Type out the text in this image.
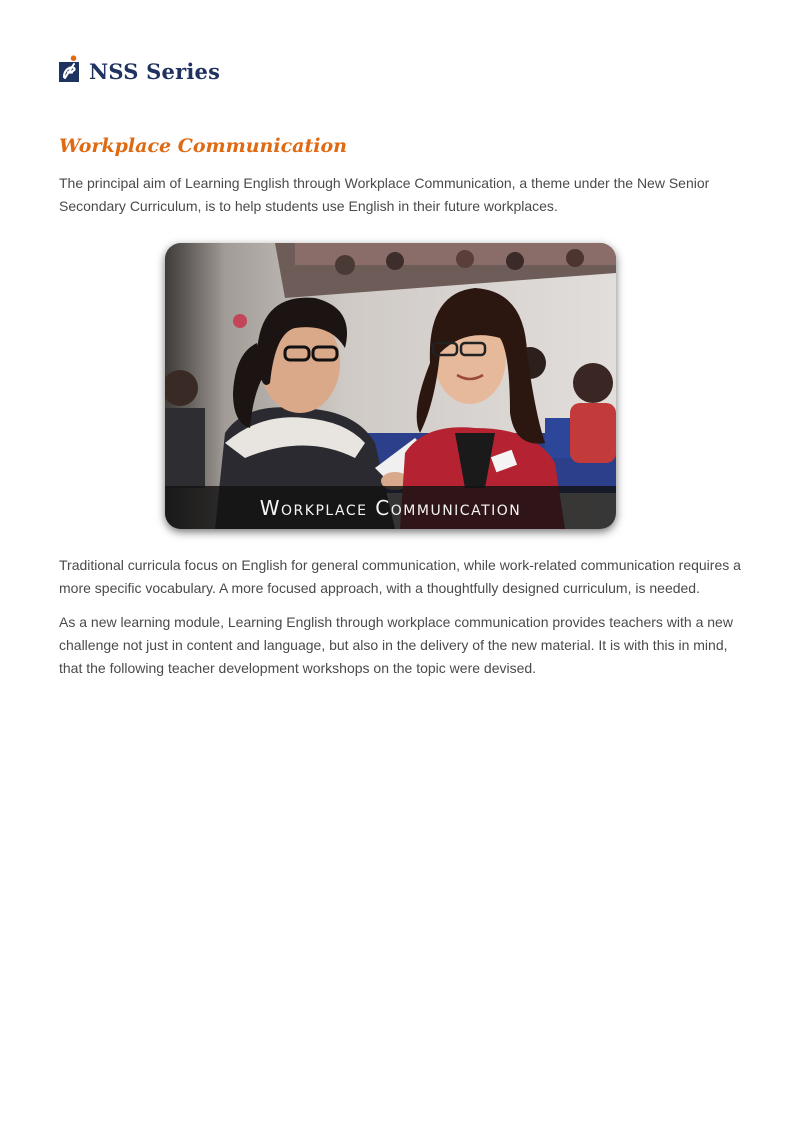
NSS Series
Workplace Communication

The principal aim of Learning English through Workplace Communication, a theme under the New Senior Secondary Curriculum, is to help students use English in their future workplaces.

Workplace Communication

Traditional curricula focus on English for general communication, while work-related communication requires a more specific vocabulary. A more focused approach, with a thoughtfully designed curriculum, is needed.

As a new learning module, Learning English through workplace communication provides teachers with a new challenge not just in content and language, but also in the delivery of the new material. It is with this in mind, that the following teacher development workshops on the topic were devised.
